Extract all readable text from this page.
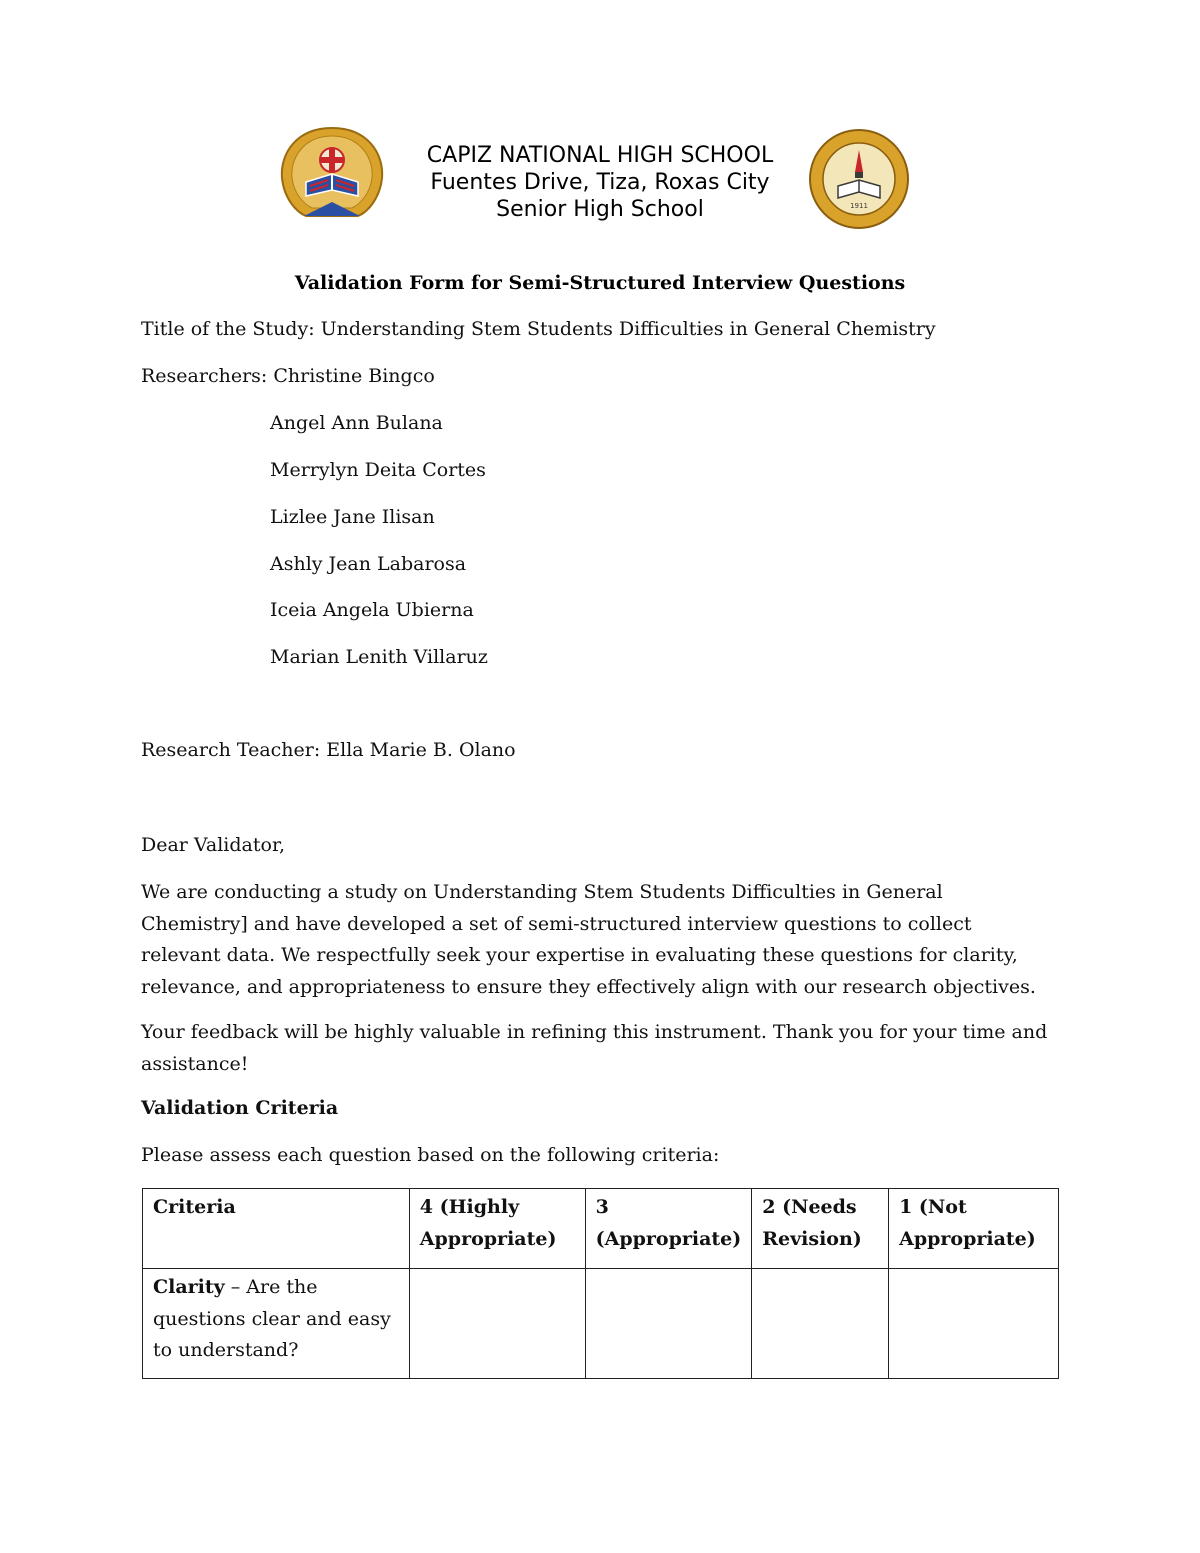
CAPIZ NATIONAL HIGH SCHOOL
Fuentes Drive, Tiza, Roxas City
Senior High School	1911
Validation Form for Semi-Structured Interview Questions
Title of the Study: Understanding Stem Students Difficulties in General Chemistry
Researchers: Christine Bingco
Angel Ann Bulana
Merrylyn Deita Cortes
Lizlee Jane Ilisan
Ashly Jean Labarosa
Iceia Angela Ubierna
Marian Lenith Villaruz
Research Teacher: Ella Marie B. Olano
Dear Validator,
We are conducting a study on Understanding Stem Students Difficulties in General Chemistry] and have developed a set of semi-structured interview questions to collect relevant data. We respectfully seek your expertise in evaluating these questions for clarity, relevance, and appropriateness to ensure they effectively align with our research objectives.
Your feedback will be highly valuable in refining this instrument. Thank you for your time and assistance!
Validation Criteria
Please assess each question based on the following criteria:
Criteria	4 (Highly Appropriate)	3 (Appropriate)	2 (Needs Revision)	1 (Not Appropriate)
Clarity – Are the questions clear and easy to understand?				
